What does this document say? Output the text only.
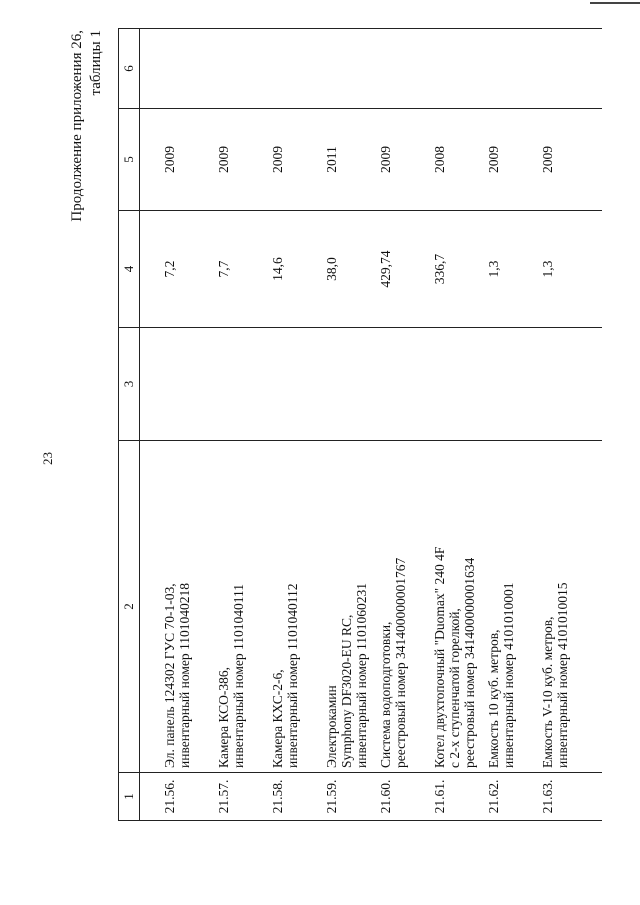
23
Продолжение приложения 26, таблицы 1
1	2	3	4	5	6
21.56.	Эл. панель 124302 ГУС 70-1-03, инвентарный номер 1101040218		7,2	2009	
21.57.	Камера КСО-386, инвентарный номер 1101040111		7,7	2009	
21.58.	Камера КХС-2-6, инвентарный номер 1101040112		14,6	2009	
21.59.	Электрокамин Symphony DF3020-EU RC, инвентарный номер 1101060231		38,0	2011	
21.60.	Система водоподготовки, реестровый номер 341400000001767		429,74	2009	
21.61.	Котел двухтопочный "Duomax" 240 4F с 2-х ступенчатой горелкой, реестровый номер 341400000001634		336,7	2008	
21.62.	Емкость 10 куб. метров, инвентарный номер 4101010001		1,3	2009	
21.63.	Емкость V-10 куб. метров, инвентарный номер 4101010015		1,3	2009	
